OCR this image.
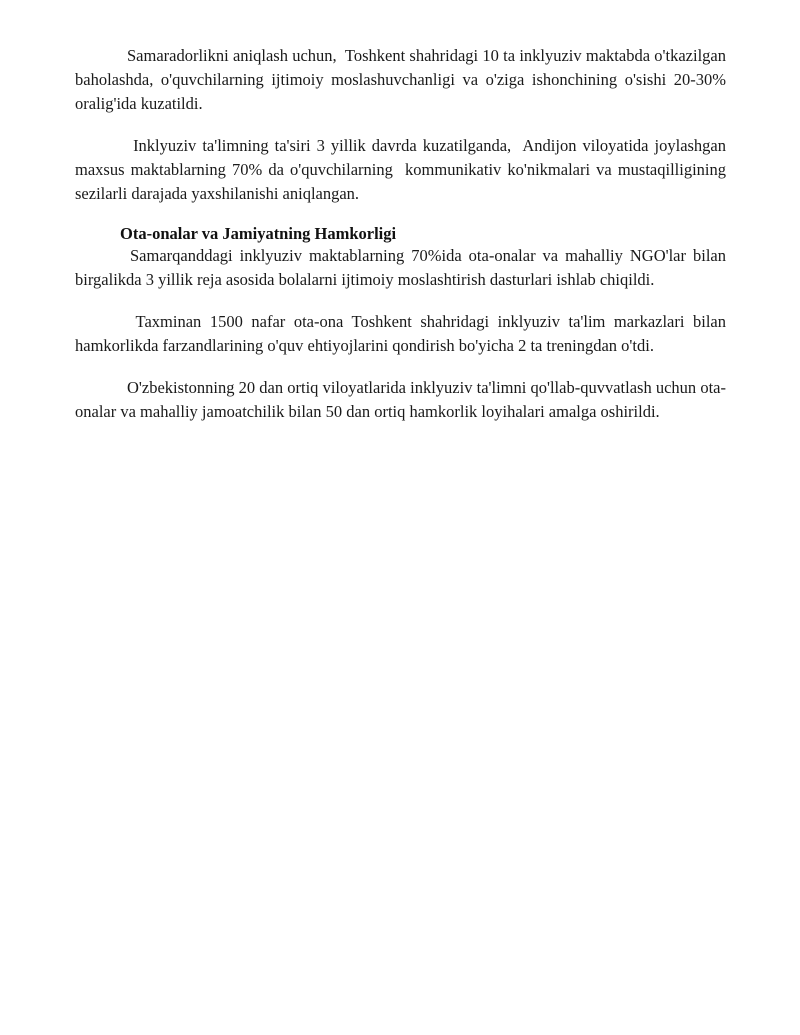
Samaradorlikni aniqlash uchun,  Toshkent shahridagi 10 ta inklyuziv maktabda o'tkazilgan baholashda, o'quvchilarning ijtimoiy moslashuvchanligi va o'ziga ishonchining o'sishi 20-30% oralig'ida kuzatildi.

Inklyuziv ta'limning ta'siri 3 yillik davrda kuzatilganda,  Andijon viloyatida joylashgan maxsus maktablarning 70% da o'quvchilarning  kommunikativ ko'nikmalari va mustaqilligining sezilarli darajada yaxshilanishi aniqlangan.

Ota-onalar va Jamiyatning Hamkorligi

Samarqanddagi inklyuziv maktablarning 70%ida ota-onalar va mahalliy NGO'lar bilan birgalikda 3 yillik reja asosida bolalarni ijtimoiy moslashtirish dasturlari ishlab chiqildi.

Taxminan 1500 nafar ota-ona Toshkent shahridagi inklyuziv ta'lim markazlari bilan hamkorlikda farzandlarining o'quv ehtiyojlarini qondirish bo'yicha 2 ta treningdan o'tdi.

O'zbekistonning 20 dan ortiq viloyatlarida inklyuziv ta'limni qo'llab-quvvatlash uchun ota-onalar va mahalliy jamoatchilik bilan 50 dan ortiq hamkorlik loyihalari amalga oshirildi.
